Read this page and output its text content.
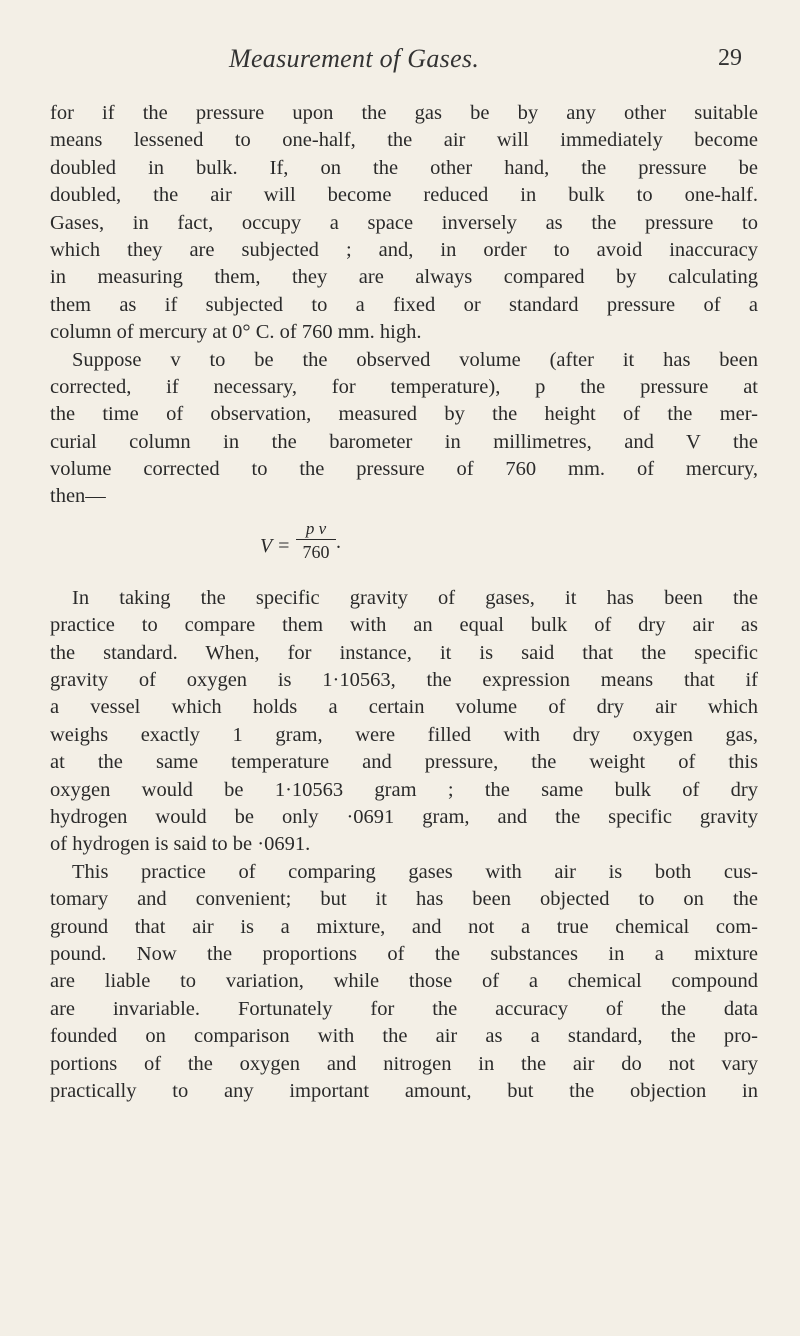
Measurement of Gases.	29
for if the pressure upon the gas be by any other suitable
means lessened to one-half, the air will immediately become
doubled in bulk. If, on the other hand, the pressure be
doubled, the air will become reduced in bulk to one-half.
Gases, in fact, occupy a space inversely as the pressure to
which they are subjected ; and, in order to avoid inaccuracy
in measuring them, they are always compared by calculating
them as if subjected to a fixed or standard pressure of a
column of mercury at 0° C. of 760 mm. high.
Suppose v to be the observed volume (after it has been
corrected, if necessary, for temperature), p the pressure at
the time of observation, measured by the height of the mer-
curial column in the barometer in millimetres, and V the
volume corrected to the pressure of 760 mm. of mercury,
then—
$V = \frac{\text{p v}}{760}$ .
In taking the specific gravity of gases, it has been the
practice to compare them with an equal bulk of dry air as
the standard. When, for instance, it is said that the specific
gravity of oxygen is 1·10563, the expression means that if
a vessel which holds a certain volume of dry air which
weighs exactly 1 gram, were filled with dry oxygen gas,
at the same temperature and pressure, the weight of this
oxygen would be 1·10563 gram ; the same bulk of dry
hydrogen would be only ·0691 gram, and the specific gravity
of hydrogen is said to be ·0691.
This practice of comparing gases with air is both cus-
tomary and convenient; but it has been objected to on the
ground that air is a mixture, and not a true chemical com-
pound. Now the proportions of the substances in a mixture
are liable to variation, while those of a chemical compound
are invariable. Fortunately for the accuracy of the data
founded on comparison with the air as a standard, the pro-
portions of the oxygen and nitrogen in the air do not vary
practically to any important amount, but the objection in
